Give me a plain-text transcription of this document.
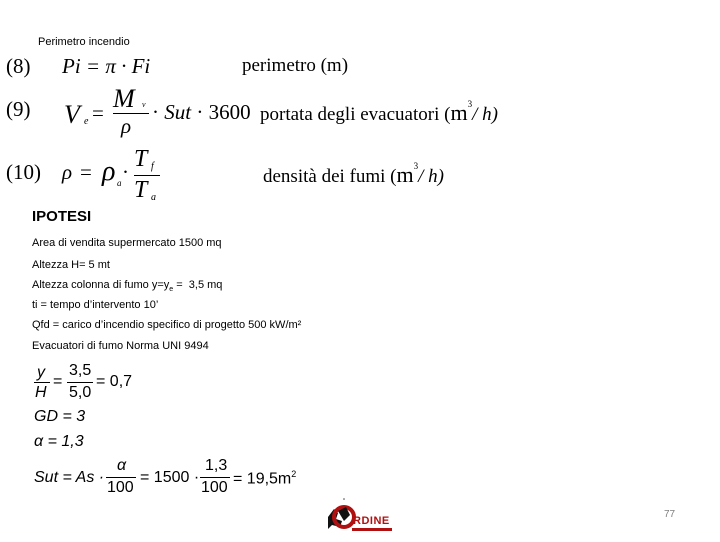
Perimetro incendio
(8) Pi = π · Fi	perimetro (m)
(9) V e = M v
ρ
· Sut · 3600 portata degli evacuatori ($m^3/$ h)
(10) ρ = ρ a · T f
T a
densità dei fumi ($m^3/$ h)
IPOTESI
Area di vendita supermercato 1500 mq
Altezza H= 5 mt
Altezza colonna di fumo $y=y_e = 3,5$ mq
ti = tempo d’intervento 10’
Qfd = carico d’incendio specifico di progetto 500 kW/m²
Evacuatori di fumo Norma UNI 9494
y
H
=
3,5
5,0
= 0,7
GD = 3
α = 1,3
Sut = As ·
α
100
= 1500 ·
1,3
100
= $19,5m^2$
RDINE
77
